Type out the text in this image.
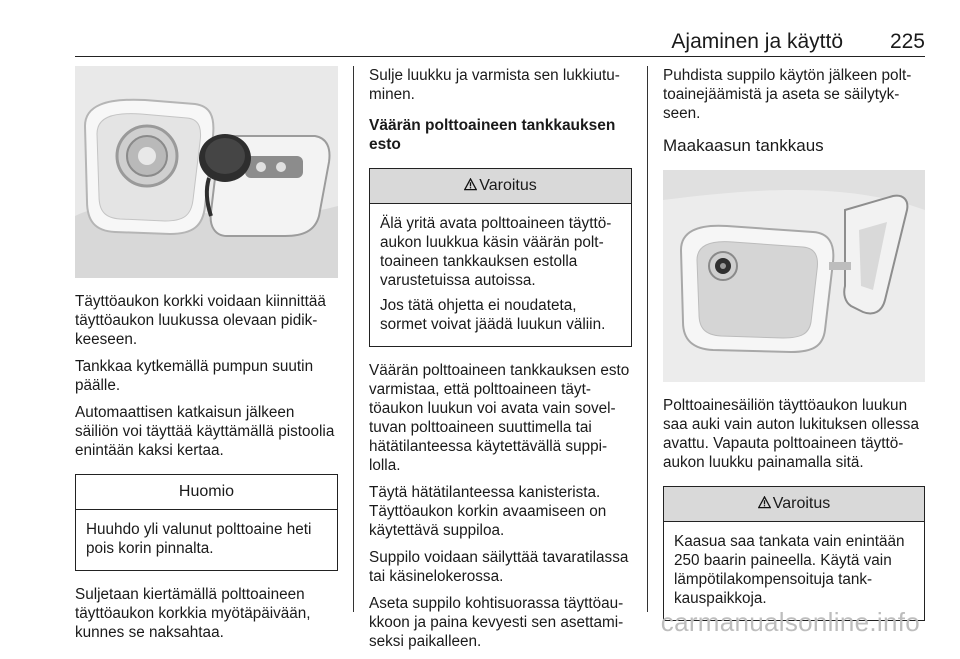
Ajaminen ja käyttö 225

Täyttöaukon korkki voidaan kiinnittää täyttöaukon luukussa olevaan pidikkeeseen.

Tankkaa kytkemällä pumpun suutin päälle.

Automaattisen katkaisun jälkeen säiliön voi täyttää käyttämällä pistoolia enintään kaksi kertaa.

Huomio

Huuhdo yli valunut polttoaine heti pois korin pinnalta.

Suljetaan kiertämällä polttoaineen täyttöaukon korkkia myötäpäivään, kunnes se naksahtaa.

Sulje luukku ja varmista sen lukkiutuminen.

Väärän polttoaineen tankkauksen esto
Varoitus

Älä yritä avata polttoaineen täyttöaukon luukkua käsin väärän polttoaineen tankkauksen estolla varustetuissa autoissa.

Jos tätä ohjetta ei noudateta, sormet voivat jäädä luukun väliin.

Väärän polttoaineen tankkauksen esto varmistaa, että polttoaineen täyttöaukon luukun voi avata vain soveltuvan polttoaineen suuttimella tai hätätilanteessa käytettävällä suppilolla.

Täytä hätätilanteessa kanisterista. Täyttöaukon korkin avaamiseen on käytettävä suppiloa.

Suppilo voidaan säilyttää tavaratilassa tai käsinelokerossa.

Aseta suppilo kohtisuorassa täyttöaukkoon ja paina kevyesti sen asettamiseksi paikalleen.

Puhdista suppilo käytön jälkeen polttoainejäämistä ja aseta se säilytykseen.

Maakaasun tankkaus

Polttoainesäiliön täyttöaukon luukun saa auki vain auton lukituksen ollessa avattu. Vapauta polttoaineen täyttöaukon luukku painamalla sitä.

Varoitus

Kaasua saa tankata vain enintään 250 baarin paineella. Käytä vain lämpötilakompensoituja tankkauspaikkoja.

carmanualsonline.info
